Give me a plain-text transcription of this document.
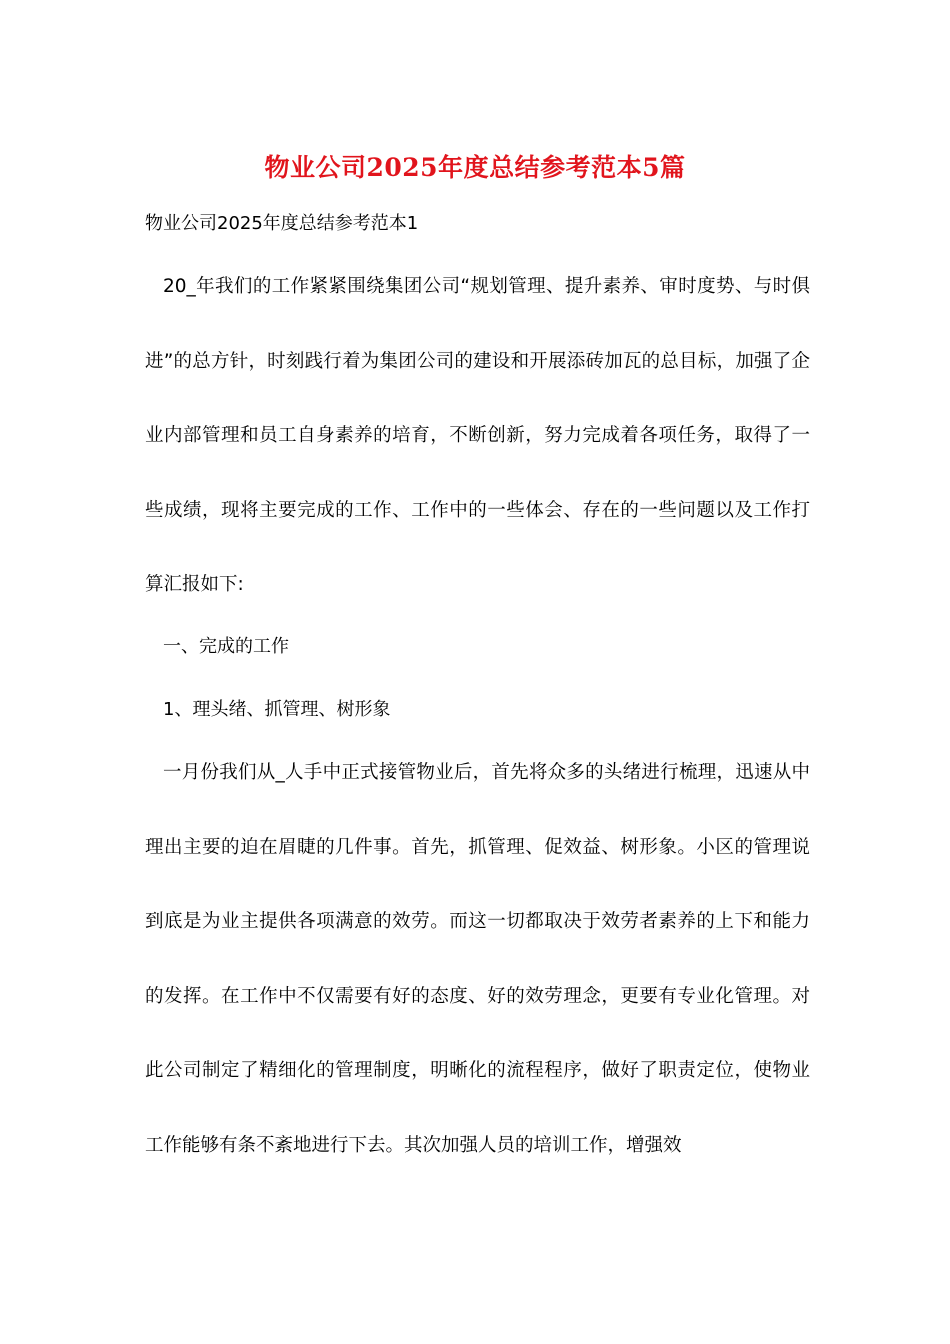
物业公司2025年度总结参考范本5篇
物业公司2025年度总结参考范本1

20_年我们的工作紧紧围绕集团公司“规划管理、提升素养、审时度势、与时俱进”的总方针，时刻践行着为集团公司的建设和开展添砖加瓦的总目标，加强了企业内部管理和员工自身素养的培育，不断创新，努力完成着各项任务，取得了一些成绩，现将主要完成的工作、工作中的一些体会、存在的一些问题以及工作打算汇报如下:

一、完成的工作
1、理头绪、抓管理、树形象

一月份我们从_人手中正式接管物业后，首先将众多的头绪进行梳理，迅速从中理出主要的迫在眉睫的几件事。首先，抓管理、促效益、树形象。小区的管理说到底是为业主提供各项满意的效劳。而这一切都取决于效劳者素养的上下和能力的发挥。在工作中不仅需要有好的态度、好的效劳理念，更要有专业化管理。对此公司制定了精细化的管理制度，明晰化的流程程序，做好了职责定位，使物业工作能够有条不紊地进行下去。其次加强人员的培训工作，增强效
